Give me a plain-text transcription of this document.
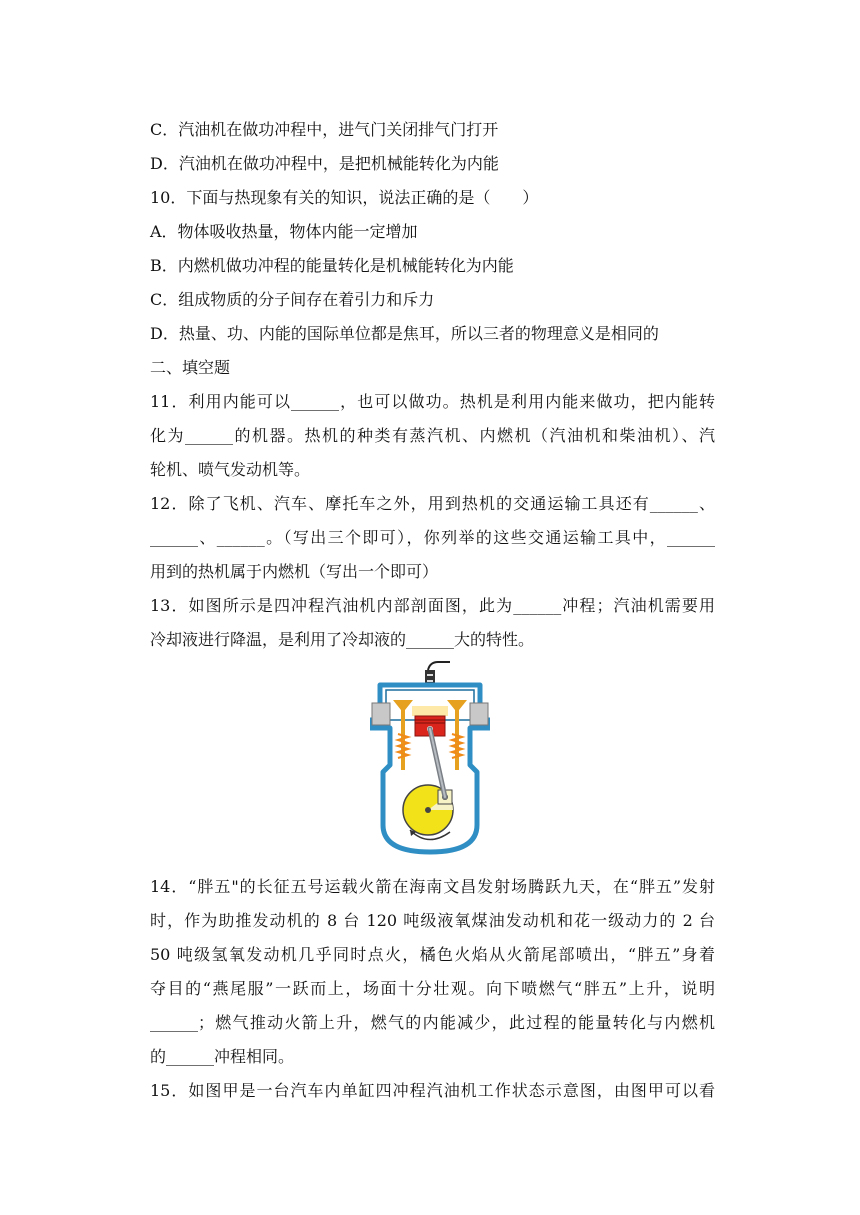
C．汽油机在做功冲程中，进气门关闭排气门打开
D．汽油机在做功冲程中，是把机械能转化为内能
10．下面与热现象有关的知识，说法正确的是（　　）
A．物体吸收热量，物体内能一定增加
B．内燃机做功冲程的能量转化是机械能转化为内能
C．组成物质的分子间存在着引力和斥力
D．热量、功、内能的国际单位都是焦耳，所以三者的物理意义是相同的
二、填空题
11．利用内能可以______，也可以做功。热机是利用内能来做功，把内能转
化为______的机器。热机的种类有蒸汽机、内燃机（汽油机和柴油机）、汽
轮机、喷气发动机等。
12．除了飞机、汽车、摩托车之外，用到热机的交通运输工具还有______、
______、______。（写出三个即可），你列举的这些交通运输工具中，______
用到的热机属于内燃机（写出一个即可）
13．如图所示是四冲程汽油机内部剖面图，此为______冲程；汽油机需要用
冷却液进行降温，是利用了冷却液的______大的特性。
14．“胖五"的长征五号运载火箭在海南文昌发射场腾跃九天，在“胖五”发射
时，作为助推发动机的 8 台 120 吨级液氧煤油发动机和花一级动力的 2 台
50 吨级氢氧发动机几乎同时点火，橘色火焰从火箭尾部喷出，“胖五”身着
夺目的“燕尾服”一跃而上，场面十分壮观。向下喷燃气“胖五”上升，说明
______；燃气推动火箭上升，燃气的内能减少，此过程的能量转化与内燃机
的______冲程相同。
15．如图甲是一台汽车内单缸四冲程汽油机工作状态示意图，由图甲可以看
